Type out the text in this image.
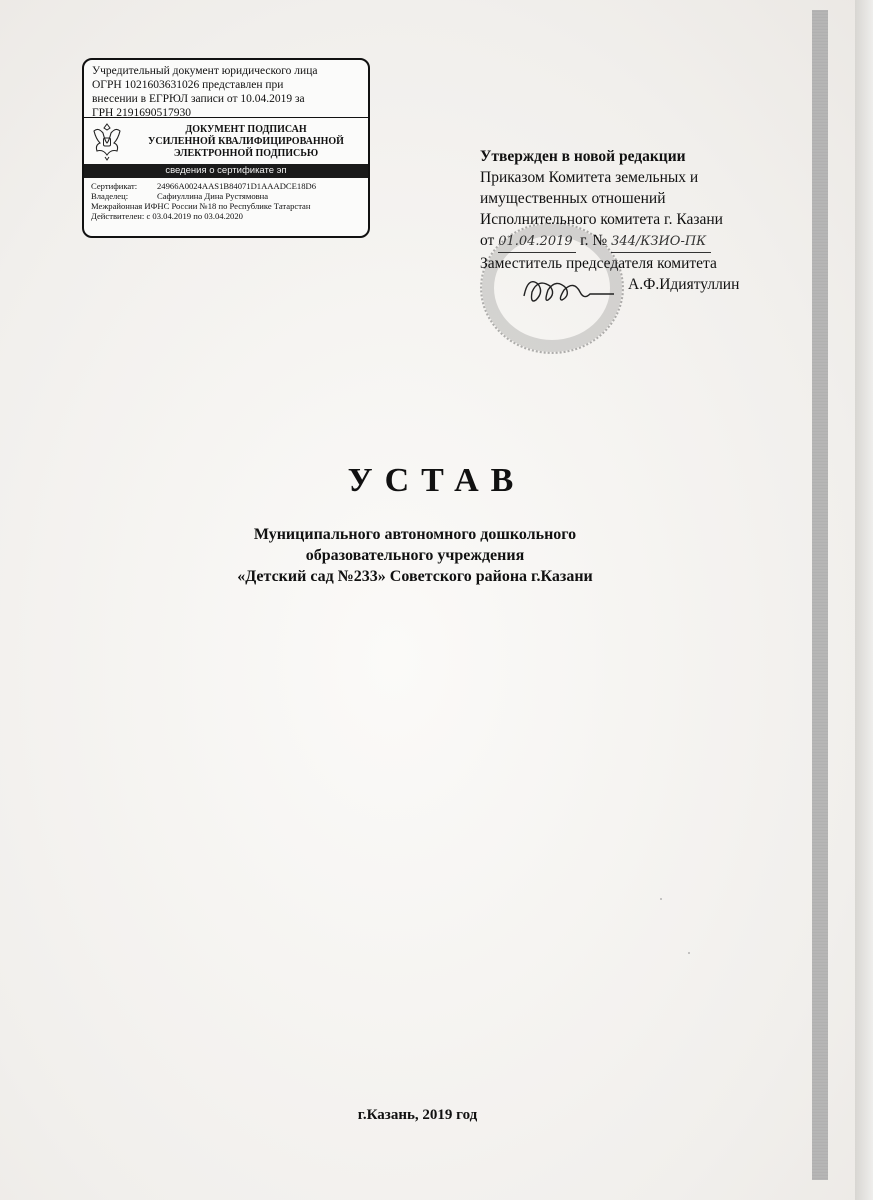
Учредительный документ юридического лица
ОГРН 1021603631026 представлен при
внесении в ЕГРЮЛ записи от 10.04.2019 за
ГРН 2191690517930
ДОКУМЕНТ ПОДПИСАН
УСИЛЕННОЙ КВАЛИФИЦИРОВАННОЙ
ЭЛЕКТРОННОЙ ПОДПИСЬЮ
сведения о сертификате эп
Сертификат:	24966A0024AAS1B84071D1AAADCE18D6
Владелец:	Сафиуллина Дина Рустямовна
Межрайонная ИФНС России №18 по Республике Татарстан
Действителен:
с 03.04.2019 по 03.04.2020
Утвержден в новой редакции
Приказом Комитета земельных и
имущественных отношений
Исполнительного комитета г. Казани
от 01.04.2019 г. № 344/КЗИО-ПК
Заместитель председателя комитета
А.Ф.Идиятуллин
УСТАВ
Муниципального автономного дошкольного
образовательного учреждения
«Детский сад №233» Советского района г.Казани
г.Казань, 2019 год
